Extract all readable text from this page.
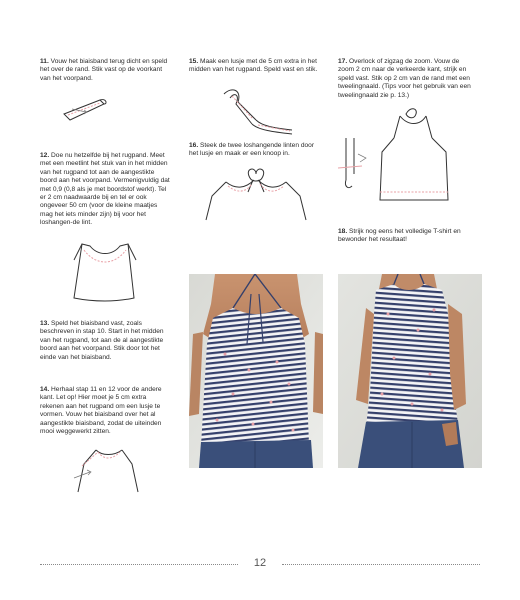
11. Vouw het biaisband terug dicht en speld het over de rand. Stik vast op de voorkant van het voorpand.
12. Doe nu hetzelfde bij het rugpand. Meet met een meetlint het stuk van in het midden van het rugpand tot aan de aangestikte boord aan het voorpand. Vermenigvuldig dat met 0,9 (0,8 als je met boordstof werkt). Tel er 2 cm naadwaarde bij en tel er ook ongeveer 50 cm (voor de kleine maatjes mag het iets minder zijn) bij voor het loshangen-de lint.
13. Speld het biaisband vast, zoals beschreven in stap 10. Start in het midden van het rugpand, tot aan de al aangestikte boord aan het voorpand. Stik door tot het einde van het biaisband.
14. Herhaal stap 11 en 12 voor de andere kant. Let op! Hier moet je 5 cm extra rekenen aan het rugpand om een lusje te vormen. Vouw het biaisband over het al aangestikte biaisband, zodat de uiteinden mooi weggewerkt zitten.
15. Maak een lusje met de 5 cm extra in het midden van het rugpand. Speld vast en stik.
16. Steek de twee loshangende linten door het lusje en maak er een knoop in.
17. Overlock of zigzag de zoom. Vouw de zoom 2 cm naar de verkeerde kant, strijk en speld vast. Stik op 2 cm van de rand met een tweelingnaald. (Tips voor het gebruik van een tweelingnaald zie p. 13.)
18. Strijk nog eens het volledige T-shirt en bewonder het resultaat!
12
